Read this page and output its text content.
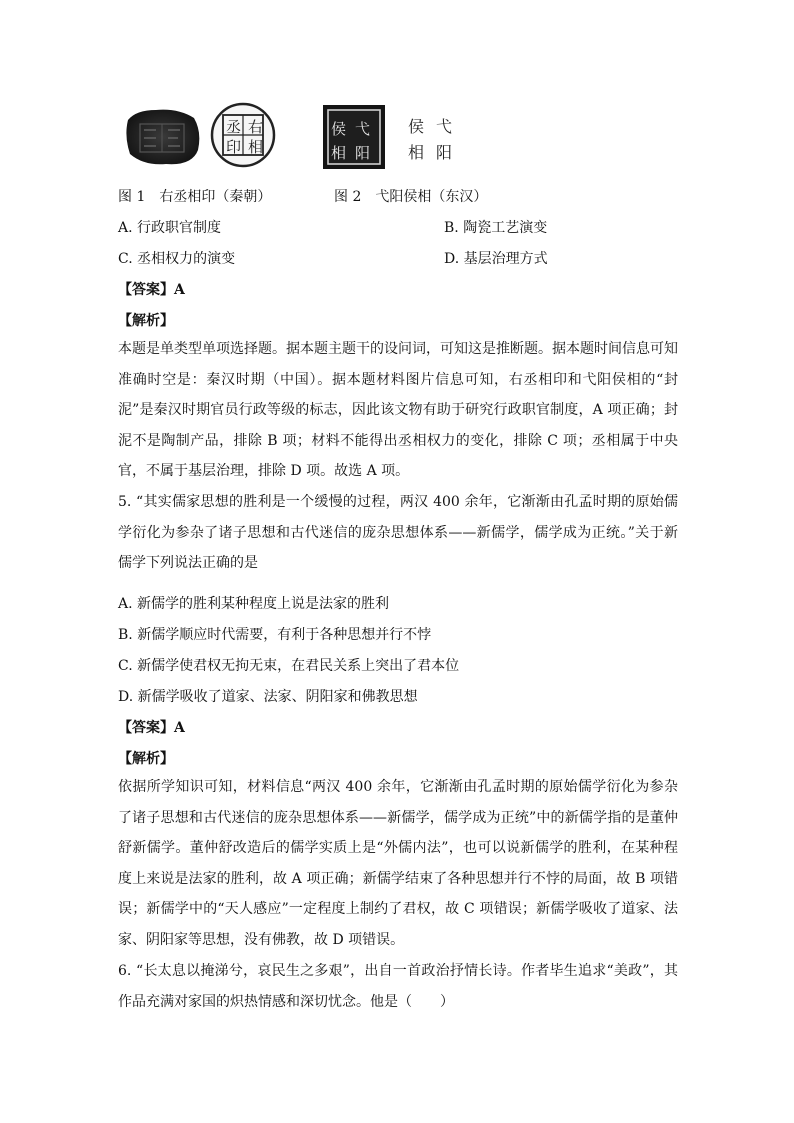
右
丞
相
印
弋
侯
阳
相
弋
侯
阳
相
图 1　右丞相印（秦朝）	图 2　弋阳侯相（东汉）
A. 行政职官制度	B. 陶瓷工艺演变
C. 丞相权力的演变	D. 基层治理方式
【答案】A
【解析】
本题是单类型单项选择题。据本题主题干的设问词，可知这是推断题。据本题时间信息可知准确时空是：秦汉时期（中国）。据本题材料图片信息可知，右丞相印和弋阳侯相的“封泥”是秦汉时期官员行政等级的标志，因此该文物有助于研究行政职官制度，A 项正确；封泥不是陶制产品，排除 B 项；材料不能得出丞相权力的变化，排除 C 项；丞相属于中央官，不属于基层治理，排除 D 项。故选 A 项。
5. “其实儒家思想的胜利是一个缓慢的过程，两汉 400 余年，它渐渐由孔孟时期的原始儒学衍化为参杂了诸子思想和古代迷信的庞杂思想体系——新儒学，儒学成为正统。”关于新儒学下列说法正确的是
A. 新儒学的胜利某种程度上说是法家的胜利
B. 新儒学顺应时代需要，有利于各种思想并行不悖
C. 新儒学使君权无拘无束，在君民关系上突出了君本位
D. 新儒学吸收了道家、法家、阴阳家和佛教思想
【答案】A
【解析】
依据所学知识可知，材料信息“两汉 400 余年，它渐渐由孔孟时期的原始儒学衍化为参杂了诸子思想和古代迷信的庞杂思想体系——新儒学，儒学成为正统”中的新儒学指的是董仲舒新儒学。董仲舒改造后的儒学实质上是“外儒内法”，也可以说新儒学的胜利，在某种程度上来说是法家的胜利，故 A 项正确；新儒学结束了各种思想并行不悖的局面，故 B 项错误；新儒学中的“天人感应”一定程度上制约了君权，故 C 项错误；新儒学吸收了道家、法家、阴阳家等思想，没有佛教，故 D 项错误。
6. “长太息以掩涕兮，哀民生之多艰”，出自一首政治抒情长诗。作者毕生追求“美政”，其作品充满对家国的炽热情感和深切忧念。他是（　　）
